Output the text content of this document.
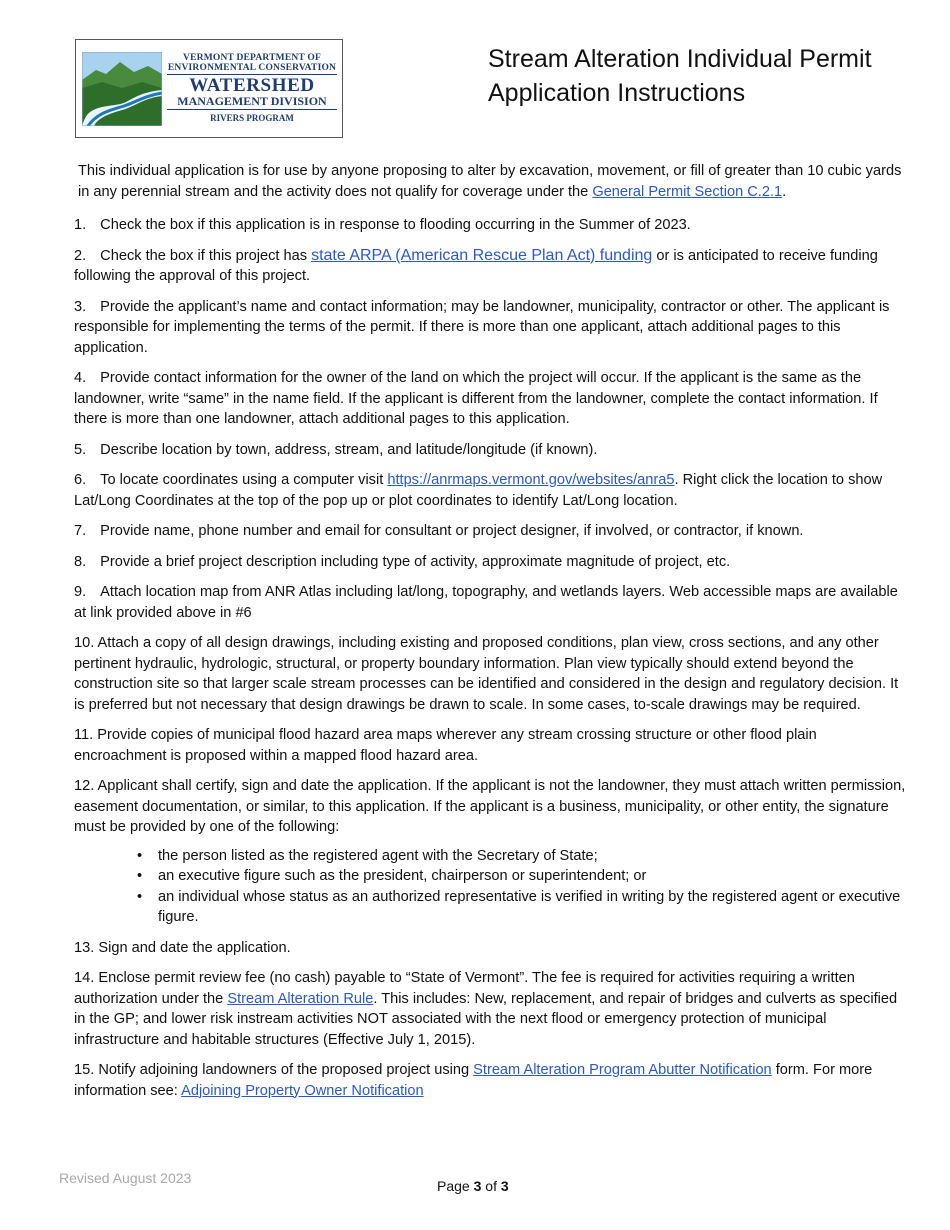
VERMONT DEPARTMENT OF
ENVIRONMENTAL CONSERVATION
WATERSHED
MANAGEMENT DIVISION
RIVERS PROGRAM
Stream Alteration Individual Permit
Application Instructions

This individual application is for use by anyone proposing to alter by excavation, movement, or fill of greater than 10 cubic yards in any perennial stream and the activity does not qualify for coverage under the General Permit Section C.2.1.

1. Check the box if this application is in response to flooding occurring in the Summer of 2023.

2. Check the box if this project has state ARPA (American Rescue Plan Act) funding or is anticipated to receive funding following the approval of this project.

3. Provide the applicant’s name and contact information; may be landowner, municipality, contractor or other. The applicant is responsible for implementing the terms of the permit. If there is more than one applicant, attach additional pages to this application.

4. Provide contact information for the owner of the land on which the project will occur. If the applicant is the same as the landowner, write “same” in the name field. If the applicant is different from the landowner, complete the contact information. If there is more than one landowner, attach additional pages to this application.

5. Describe location by town, address, stream, and latitude/longitude (if known).

6. To locate coordinates using a computer visit https://anrmaps.vermont.gov/websites/anra5. Right click the location to show Lat/Long Coordinates at the top of the pop up or plot coordinates to identify Lat/Long location.

7. Provide name, phone number and email for consultant or project designer, if involved, or contractor, if known.

8. Provide a brief project description including type of activity, approximate magnitude of project, etc.

9. Attach location map from ANR Atlas including lat/long, topography, and wetlands layers. Web accessible maps are available at link provided above in #6

10. Attach a copy of all design drawings, including existing and proposed conditions, plan view, cross sections, and any other pertinent hydraulic, hydrologic, structural, or property boundary information. Plan view typically should extend beyond the construction site so that larger scale stream processes can be identified and considered in the design and regulatory decision. It is preferred but not necessary that design drawings be drawn to scale. In some cases, to-scale drawings may be required.

11. Provide copies of municipal flood hazard area maps wherever any stream crossing structure or other flood plain encroachment is proposed within a mapped flood hazard area.

12. Applicant shall certify, sign and date the application. If the applicant is not the landowner, they must attach written permission, easement documentation, or similar, to this application. If the applicant is a business, municipality, or other entity, the signature must be provided by one of the following:

• the person listed as the registered agent with the Secretary of State;
• an executive figure such as the president, chairperson or superintendent; or
• an individual whose status as an authorized representative is verified in writing by the registered agent or executive figure.

13. Sign and date the application.

14. Enclose permit review fee (no cash) payable to “State of Vermont”. The fee is required for activities requiring a written authorization under the Stream Alteration Rule. This includes: New, replacement, and repair of bridges and culverts as specified in the GP; and lower risk instream activities NOT associated with the next flood or emergency protection of municipal infrastructure and habitable structures (Effective July 1, 2015).

15. Notify adjoining landowners of the proposed project using Stream Alteration Program Abutter Notification form. For more information see: Adjoining Property Owner Notification

Revised August 2023	Page 3 of 3
